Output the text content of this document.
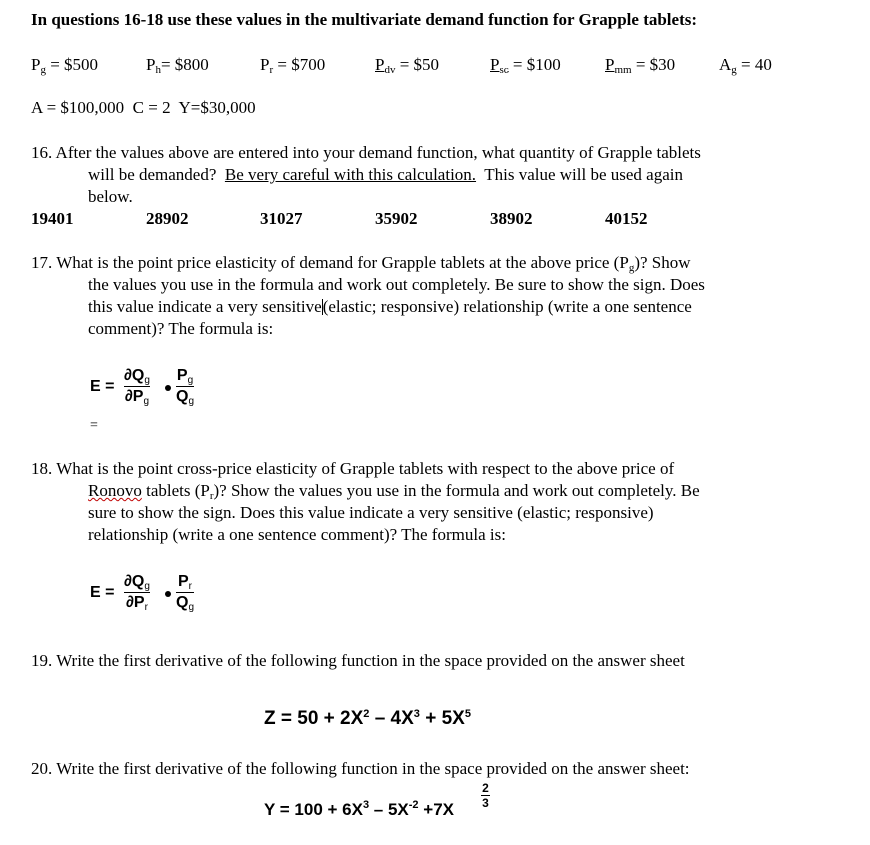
In questions 16-18 use these values in the multivariate demand function for Grapple tablets:
$P_g$ = $500	$P_h=$ $800	$P_r$ = $700	$P_{dv}$ = $50	$P_{sc}$ = $100	$P_{mm}$ = $30	$A_g = 40$
A = $100,000  C = 2  Y=$30,000
16. After the values above are entered into your demand function, what quantity of Grapple tablets
will be demanded?  Be very careful with this calculation.  This value will be used again
below.
19401	28902	31027	35902	38902	40152
17. What is the point price elasticity of demand for Grapple tablets at the above price $(P_g)$? Show
the values you use in the formula and work out completely. Be sure to show the sign. Does
this value indicate a very sensitive(elastic; responsive) relationship (write a one sentence
comment)? The formula is:
E =
∂Qg
∂Pg
Pg
Qg
=
18. What is the point cross-price elasticity of Grapple tablets with respect to the above price of
Ronovo tablets $(P_r)$? Show the values you use in the formula and work out completely. Be
sure to show the sign. Does this value indicate a very sensitive (elastic; responsive)
relationship (write a one sentence comment)? The formula is:
E =
∂Qg
∂Pr
Pr
Qg
19. Write the first derivative of the following function in the space provided on the answer sheet
$Z = 50 + 2X^2 - 4X^3 + 5X^5$
20. Write the first derivative of the following function in the space provided on the answer sheet:
$Y = 100 + 6X^3 - 5X^{-2} +7X$
2
3
